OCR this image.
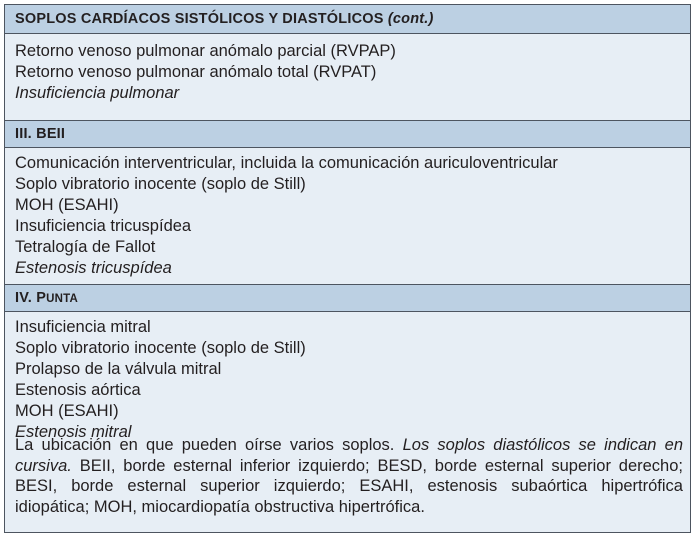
SOPLOS CARDÍACOS SISTÓLICOS Y DIASTÓLICOS (cont.)
Retorno venoso pulmonar anómalo parcial (RVPAP)
Retorno venoso pulmonar anómalo total (RVPAT)
Insuficiencia pulmonar
III. BEII
Comunicación interventricular, incluida la comunicación auriculoventricular
Soplo vibratorio inocente (soplo de Still)
MOH (ESAHI)
Insuficiencia tricuspídea
Tetralogía de Fallot
Estenosis tricuspídea
IV. PUNTA
Insuficiencia mitral
Soplo vibratorio inocente (soplo de Still)
Prolapso de la válvula mitral
Estenosis aórtica
MOH (ESAHI)
Estenosis mitral
La ubicación en que pueden oírse varios soplos. Los soplos diastólicos se indican en
cursiva. BEII, borde esternal inferior izquierdo; BESD, borde esternal superior derecho;
BESI, borde esternal superior izquierdo; ESAHI, estenosis subaórtica hipertrófica
idiopática; MOH, miocardiopatía obstructiva hipertrófica.
